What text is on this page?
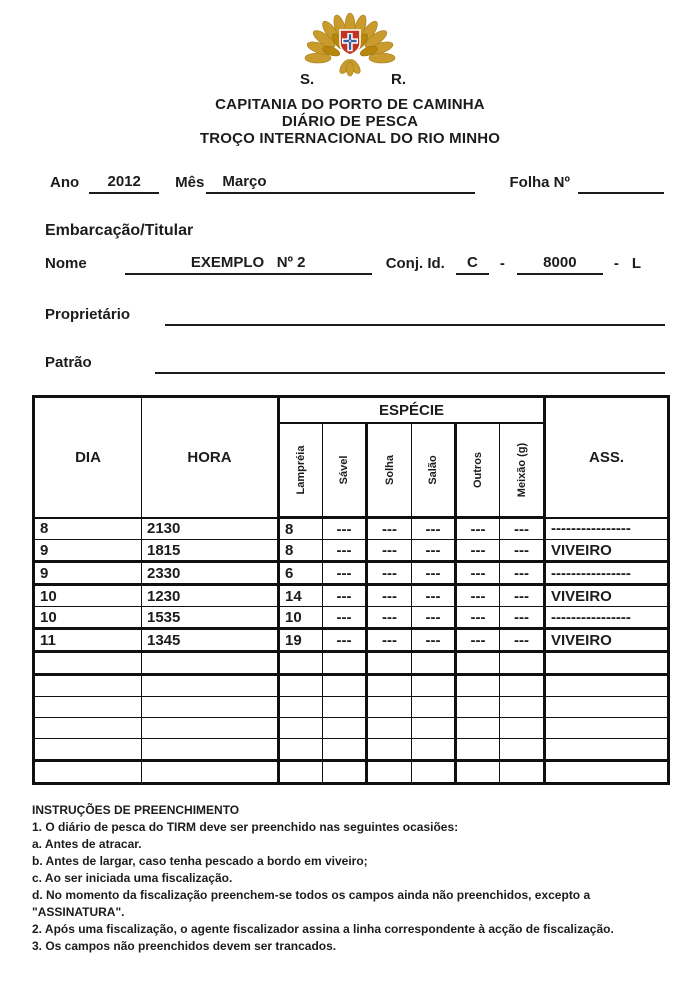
S.	R.
CAPITANIA DO PORTO DE CAMINHA
DIÁRIO DE PESCA
TROÇO INTERNACIONAL DO RIO MINHO
Ano	2012	Mês	Março	Folha Nº
Embarcação/Titular
Nome	EXEMPLO   Nº 2	Conj. Id.	C	-	8000	- L
Proprietário
Patrão
DIA	HORA	ESPÉCIE						ASS.

		Lampréia	Sável	Solha	Salão	Outros	Meixão (g)	

8	2130	8	---	---	---	---	---	----------------
9	1815	8	---	---	---	---	---	VIVEIRO
9	2330	6	---	---	---	---	---	----------------
10	1230	14	---	---	---	---	---	VIVEIRO
10	1535	10	---	---	---	---	---	----------------
11	1345	19	---	---	---	---	---	VIVEIRO

INSTRUÇÕES DE PREENCHIMENTO
1. O diário de pesca do TIRM deve ser preenchido nas seguintes ocasiões:
a. Antes de atracar.
b. Antes de largar, caso tenha pescado a bordo em viveiro;
c. Ao ser iniciada uma fiscalização.
d. No momento da fiscalização preenchem-se todos os campos ainda não preenchidos, excepto a
"ASSINATURA".
2. Após uma fiscalização, o agente fiscalizador assina a linha correspondente à acção de fiscalização.
3. Os campos não preenchidos devem ser trancados.
